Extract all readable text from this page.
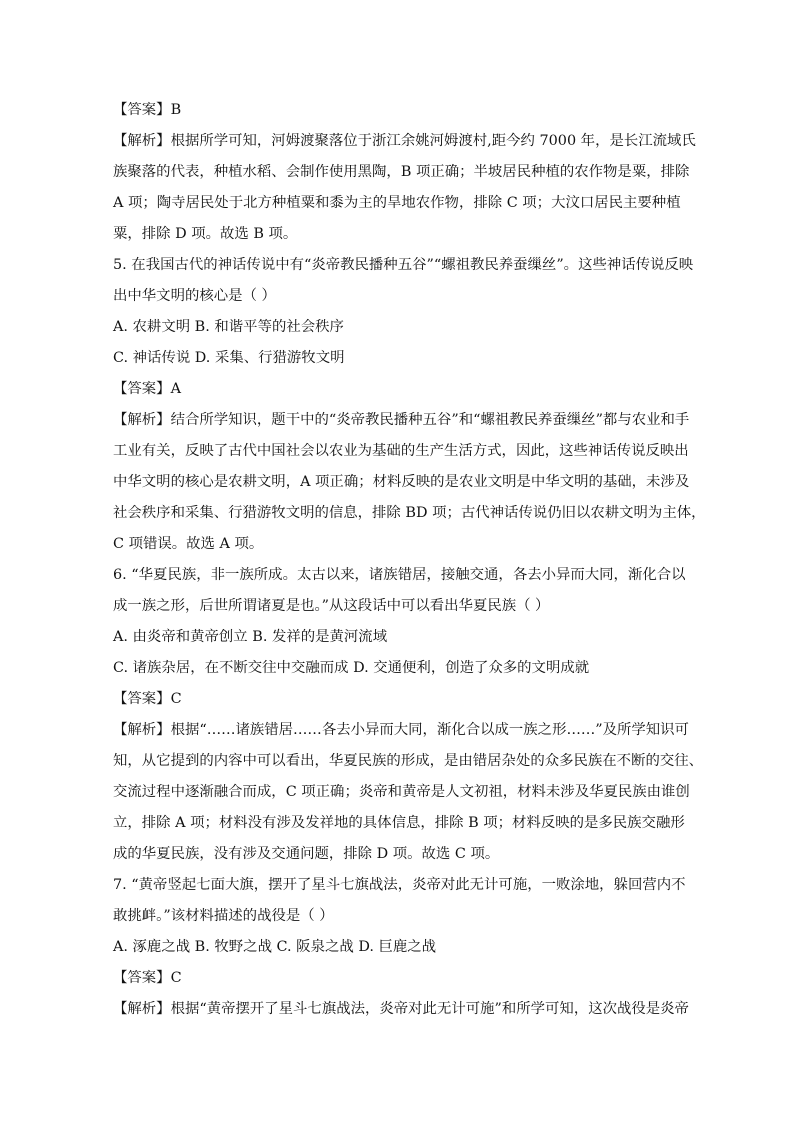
【答案】B

【解析】根据所学可知，河姆渡聚落位于浙江余姚河姆渡村,距今约 7000 年，是长江流域氏
族聚落的代表，种植水稻、会制作使用黑陶，B 项正确；半坡居民种植的农作物是粟，排除
A 项；陶寺居民处于北方种植粟和黍为主的旱地农作物，排除 C 项；大汶口居民主要种植
粟，排除 D 项。故选 B 项。

5. 在我国古代的神话传说中有“炎帝教民播种五谷”“螺祖教民养蚕缫丝”。这些神话传说反映
出中华文明的核心是（ ）

A. 农耕文明 B. 和谐平等的社会秩序

C. 神话传说 D. 采集、行猎游牧文明

【答案】A

【解析】结合所学知识，题干中的“炎帝教民播种五谷”和“螺祖教民养蚕缫丝”都与农业和手
工业有关，反映了古代中国社会以农业为基础的生产生活方式，因此，这些神话传说反映出
中华文明的核心是农耕文明，A 项正确；材料反映的是农业文明是中华文明的基础，未涉及
社会秩序和采集、行猎游牧文明的信息，排除 BD 项；古代神话传说仍旧以农耕文明为主体，
C 项错误。故选 A 项。

6. “华夏民族，非一族所成。太古以来，诸族错居，接触交通，各去小异而大同，渐化合以
成一族之形，后世所谓诸夏是也。”从这段话中可以看出华夏民族（ ）

A. 由炎帝和黄帝创立 B. 发祥的是黄河流域

C. 诸族杂居，在不断交往中交融而成 D. 交通便利，创造了众多的文明成就

【答案】C

【解析】根据“……诸族错居……各去小异而大同，渐化合以成一族之形……”及所学知识可
知，从它提到的内容中可以看出，华夏民族的形成，是由错居杂处的众多民族在不断的交往、
交流过程中逐渐融合而成，C 项正确；炎帝和黄帝是人文初祖，材料未涉及华夏民族由谁创
立，排除 A 项；材料没有涉及发祥地的具体信息，排除 B 项；材料反映的是多民族交融形
成的华夏民族，没有涉及交通问题，排除 D 项。故选 C 项。

7. “黄帝竖起七面大旗，摆开了星斗七旗战法，炎帝对此无计可施，一败涂地，躲回营内不
敢挑衅。”该材料描述的战役是（ ）

A. 涿鹿之战 B. 牧野之战 C. 阪泉之战 D. 巨鹿之战

【答案】C

【解析】根据“黄帝摆开了星斗七旗战法，炎帝对此无计可施”和所学可知，这次战役是炎帝
